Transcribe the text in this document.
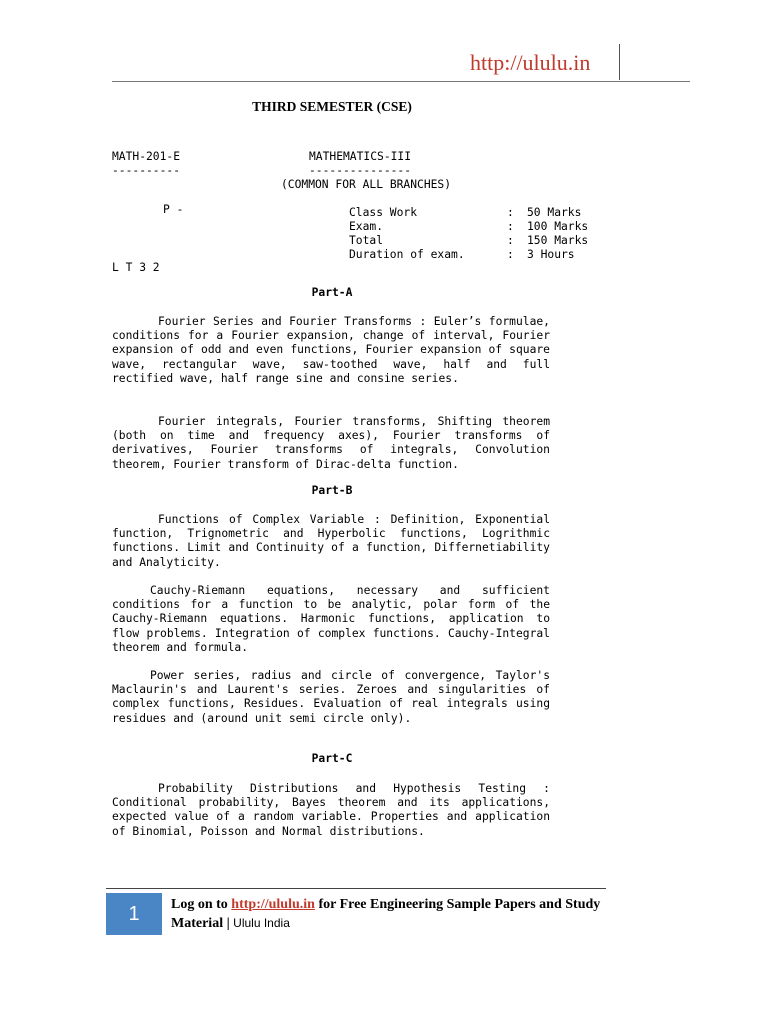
http://ululu.in
THIRD SEMESTER (CSE)
MATH-201-E
----------
MATHEMATICS-III
---------------
(COMMON FOR ALL BRANCHES)
P -	Class Work	: 50 Marks
Exam.	: 100 Marks
Total	: 150 Marks
Duration of exam.	: 3 Hours
L T 3 2
Part-A

Fourier Series and Fourier Transforms : Euler’s formulae, conditions for a Fourier expansion, change of interval, Fourier expansion of odd and even functions, Fourier expansion of square wave, rectangular wave, saw-toothed wave, half and full rectified wave, half range sine and consine series.

Fourier integrals, Fourier transforms, Shifting theorem (both on time and frequency axes), Fourier transforms of derivatives, Fourier transforms of integrals, Convolution theorem, Fourier transform of Dirac-delta function.

Part-B

Functions of Complex Variable : Definition, Exponential function, Trignometric and Hyperbolic functions, Logrithmic functions. Limit and Continuity of a function, Differnetiability and Analyticity.

Cauchy-Riemann equations, necessary and sufficient conditions for a function to be analytic, polar form of the Cauchy-Riemann equations. Harmonic functions, application to flow problems. Integration of complex functions. Cauchy-Integral theorem and formula.

Power series, radius and circle of convergence, Taylor's Maclaurin's and Laurent's series. Zeroes and singularities of complex functions, Residues. Evaluation of real integrals using residues and (around unit semi circle only).

Part-C

Probability Distributions and Hypothesis Testing : Conditional probability, Bayes theorem and its applications, expected value of a random variable. Properties and application of Binomial, Poisson and Normal distributions.

1	Log on to http://ululu.in for Free Engineering Sample Papers and Study Material | Ululu India
